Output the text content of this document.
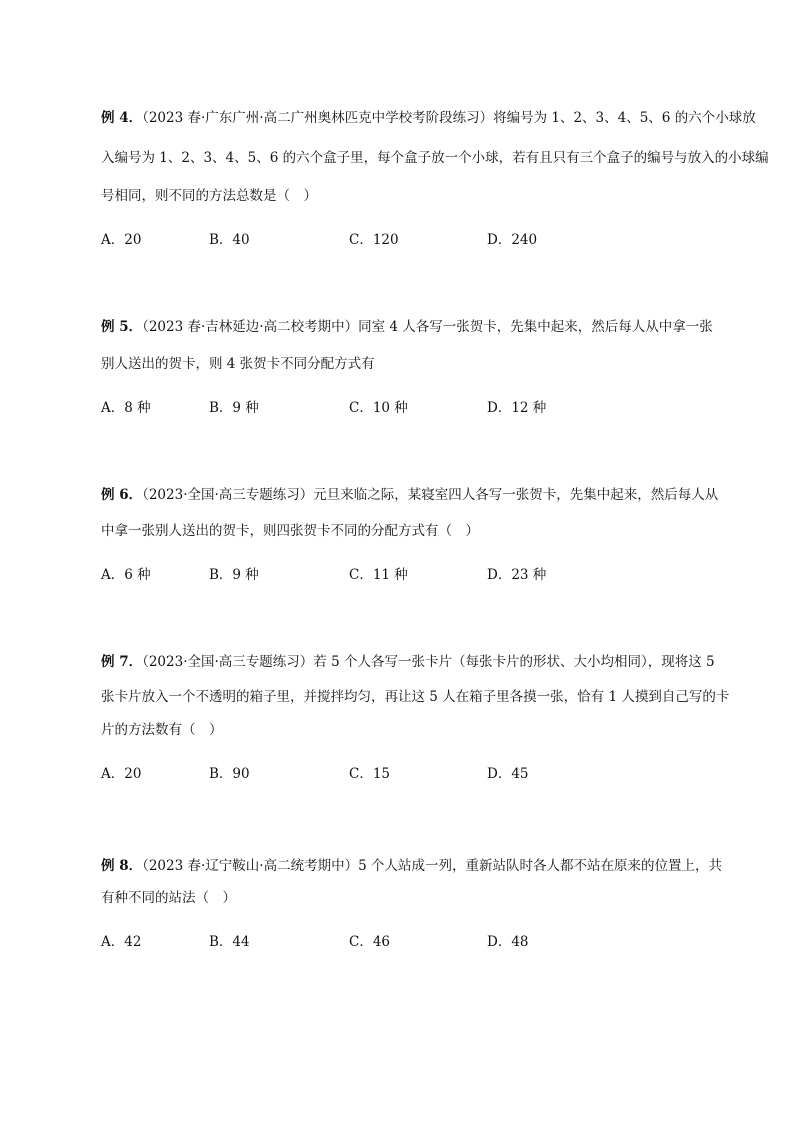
例 4．（2023 春·广东广州·高二广州奥林匹克中学校考阶段练习）将编号为 1、2、3、4、5、6 的六个小球放
入编号为 1、2、3、4、5、6 的六个盒子里，每个盒子放一个小球，若有且只有三个盒子的编号与放入的小球编
号相同，则不同的方法总数是（　）
A．20	B．40	C．120	D．240
例 5．（2023 春·吉林延边·高二校考期中）同室 4 人各写一张贺卡，先集中起来，然后每人从中拿一张
别人送出的贺卡，则 4 张贺卡不同分配方式有
A．8 种	B．9 种	C．10 种	D．12 种
例 6．（2023·全国·高三专题练习）元旦来临之际，某寝室四人各写一张贺卡，先集中起来，然后每人从
中拿一张别人送出的贺卡，则四张贺卡不同的分配方式有（　）
A．6 种	B．9 种	C．11 种	D．23 种
例 7．（2023·全国·高三专题练习）若 5 个人各写一张卡片（每张卡片的形状、大小均相同），现将这 5
张卡片放入一个不透明的箱子里，并搅拌均匀，再让这 5 人在箱子里各摸一张，恰有 1 人摸到自己写的卡
片的方法数有（　）
A．20	B．90	C．15	D．45
例 8．（2023 春·辽宁鞍山·高二统考期中）5 个人站成一列，重新站队时各人都不站在原来的位置上，共
有种不同的站法（　）
A．42	B．44	C．46	D．48
